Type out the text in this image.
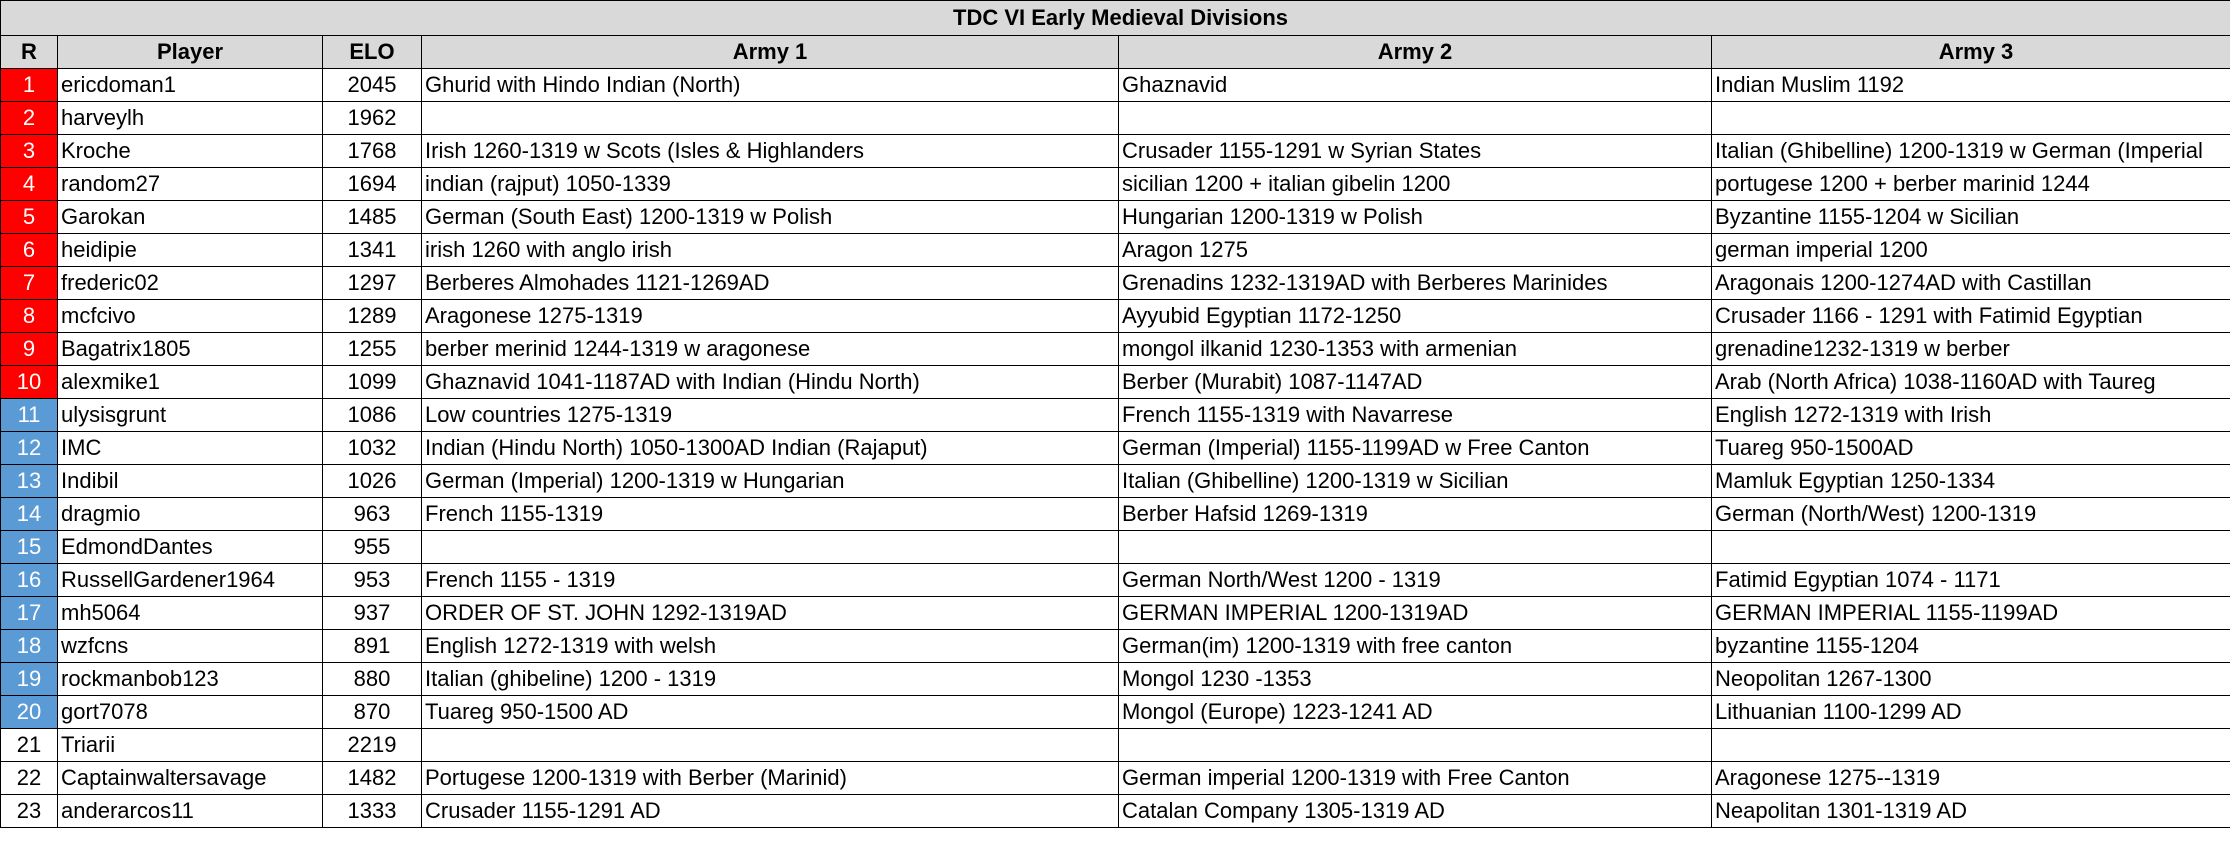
TDC VI Early Medieval Divisions					
R	Player	ELO	Army 1	Army 2	Army 3
1	ericdoman1	2045	Ghurid with Hindo Indian (North)	Ghaznavid	Indian Muslim 1192
2	harveylh	1962			
3	Kroche	1768	Irish 1260-1319 w Scots (Isles & Highlanders	Crusader 1155-1291 w Syrian States	Italian (Ghibelline) 1200-1319 w German (Imperial
4	random27	1694	indian (rajput) 1050-1339	sicilian 1200 + italian gibelin 1200	portugese 1200 + berber marinid 1244
5	Garokan	1485	German (South East) 1200-1319 w Polish	Hungarian 1200-1319 w Polish	Byzantine 1155-1204 w Sicilian
6	heidipie	1341	irish 1260 with anglo irish	Aragon 1275	german imperial 1200
7	frederic02	1297	Berberes Almohades 1121-1269AD	Grenadins 1232-1319AD with Berberes Marinides	Aragonais 1200-1274AD with Castillan
8	mcfcivo	1289	Aragonese 1275-1319	Ayyubid Egyptian 1172-1250	Crusader 1166 - 1291 with Fatimid Egyptian
9	Bagatrix1805	1255	berber merinid 1244-1319 w aragonese	mongol ilkanid 1230-1353 with armenian	grenadine1232-1319 w berber
10	alexmike1	1099	Ghaznavid 1041-1187AD with Indian (Hindu North)	Berber (Murabit) 1087-1147AD	Arab (North Africa) 1038-1160AD with Taureg
11	ulysisgrunt	1086	Low countries 1275-1319	French 1155-1319 with Navarrese	English 1272-1319 with Irish
12	IMC	1032	Indian (Hindu North) 1050-1300AD Indian (Rajaput)	German (Imperial) 1155-1199AD w Free Canton	Tuareg 950-1500AD
13	Indibil	1026	German (Imperial) 1200-1319 w Hungarian	Italian (Ghibelline) 1200-1319 w Sicilian	Mamluk Egyptian 1250-1334
14	dragmio	963	French 1155-1319	Berber Hafsid 1269-1319	German (North/West) 1200-1319
15	EdmondDantes	955			
16	RussellGardener1964	953	French 1155 - 1319	German North/West 1200 - 1319	Fatimid Egyptian 1074 - 1171
17	mh5064	937	ORDER OF ST. JOHN 1292-1319AD	GERMAN IMPERIAL 1200-1319AD	GERMAN IMPERIAL 1155-1199AD
18	wzfcns	891	English 1272-1319 with welsh	German(im) 1200-1319 with free canton	byzantine 1155-1204
19	rockmanbob123	880	Italian (ghibeline) 1200 - 1319	Mongol 1230 -1353	Neopolitan 1267-1300
20	gort7078	870	Tuareg 950-1500 AD	Mongol (Europe) 1223-1241 AD	Lithuanian 1100-1299 AD
21	Triarii	2219			
22	Captainwaltersavage	1482	Portugese 1200-1319 with Berber (Marinid)	German imperial 1200-1319 with Free Canton	Aragonese 1275--1319
23	anderarcos11	1333	Crusader 1155-1291 AD	Catalan Company 1305-1319 AD	Neapolitan 1301-1319 AD
